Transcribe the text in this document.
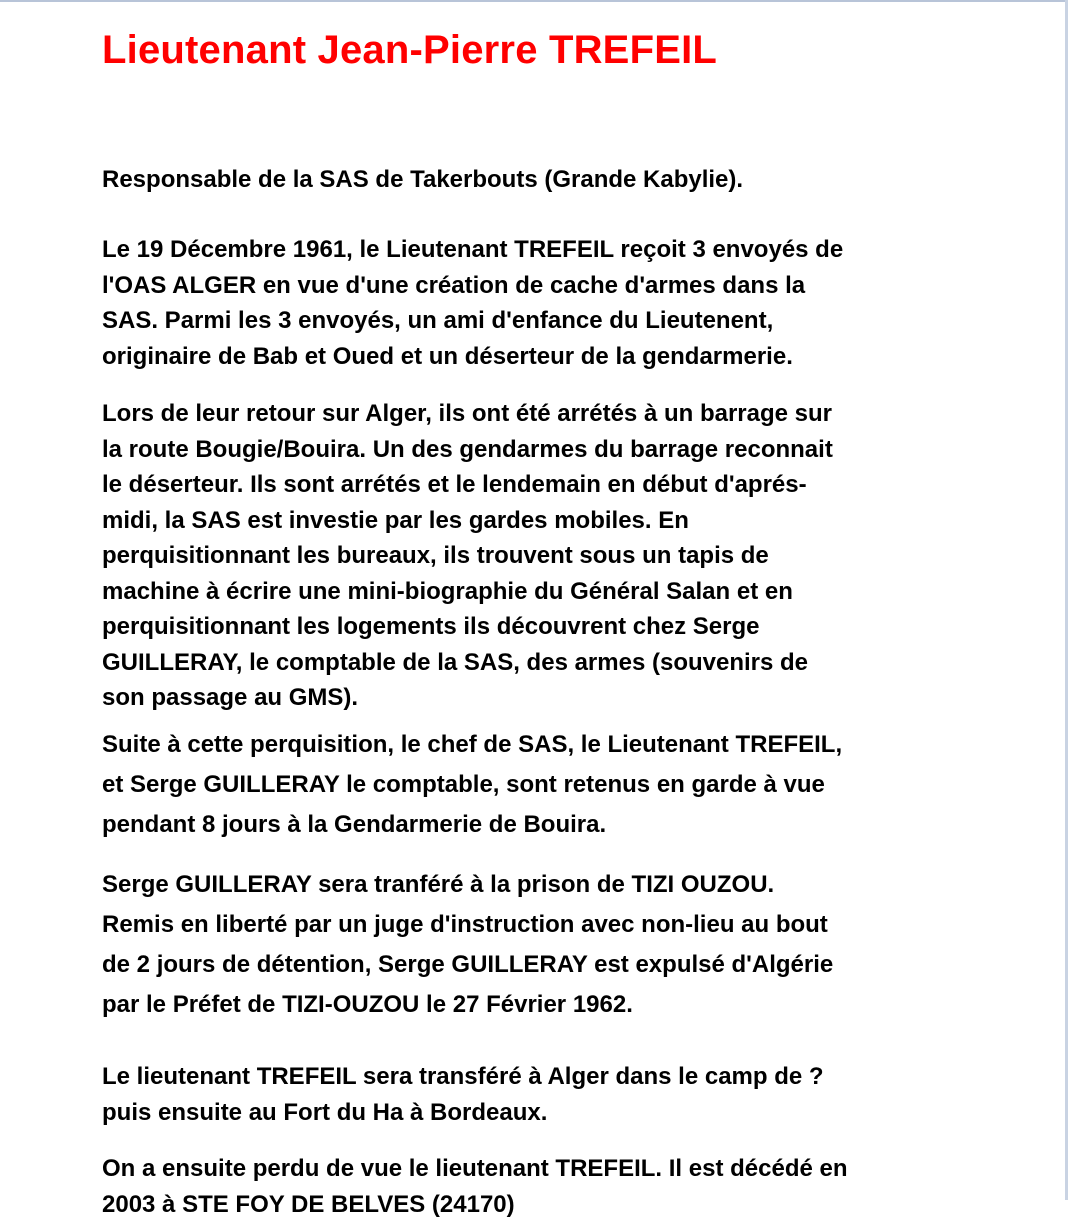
Lieutenant Jean-Pierre TREFEIL

Responsable de la SAS de Takerbouts (Grande Kabylie).

Le 19 Décembre 1961, le Lieutenant TREFEIL reçoit 3 envoyés de
l'OAS ALGER en vue d'une création de cache d'armes dans la
SAS. Parmi les 3 envoyés, un ami d'enfance du Lieutenent,
originaire de Bab et Oued et un déserteur de la gendarmerie.

Lors de leur retour sur Alger, ils ont été arrétés à un barrage sur
la route Bougie/Bouira. Un des gendarmes du barrage reconnait
le déserteur. Ils sont arrétés et le lendemain en début d'aprés-
midi, la SAS est investie par les gardes mobiles. En
perquisitionnant les bureaux, ils trouvent sous un tapis de
machine à écrire une mini-biographie du Général Salan et en
perquisitionnant les logements ils découvrent chez Serge
GUILLERAY, le comptable de la SAS, des armes (souvenirs de
son passage au GMS).

Suite à cette perquisition, le chef de SAS, le Lieutenant TREFEIL,
et Serge GUILLERAY le comptable, sont retenus en garde à vue
pendant 8 jours à la Gendarmerie de Bouira.

Serge GUILLERAY sera tranféré à la prison de TIZI OUZOU.
Remis en liberté par un juge d'instruction avec non-lieu au bout
de 2 jours de détention, Serge GUILLERAY est expulsé d'Algérie
par le Préfet de TIZI-OUZOU le 27 Février 1962.

Le lieutenant TREFEIL sera transféré à Alger dans le camp de ?
puis ensuite au Fort du Ha à Bordeaux.

On a ensuite perdu de vue le lieutenant TREFEIL. Il est décédé en
2003 à STE FOY DE BELVES (24170)
